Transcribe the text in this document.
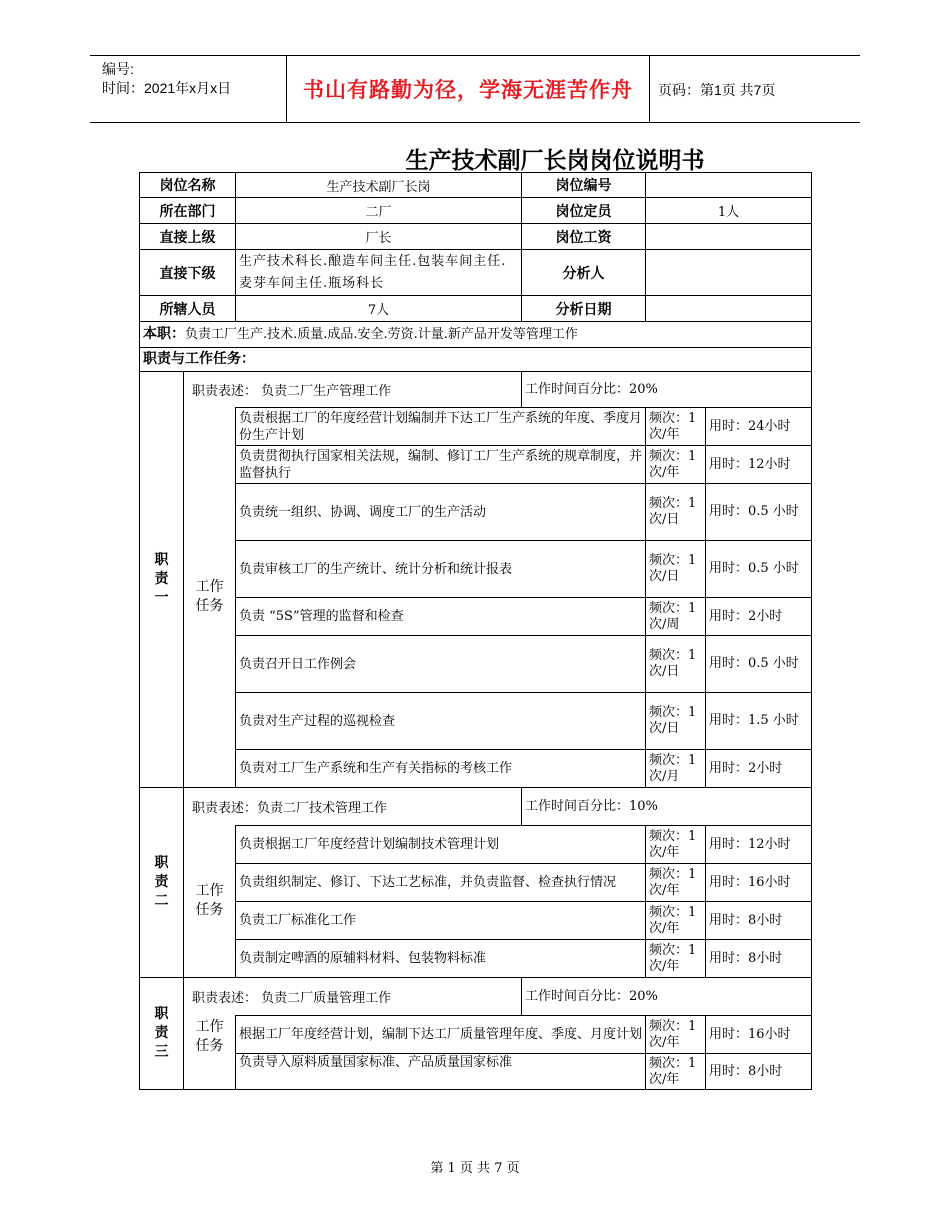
编号:
时间：2021年x月x日	书山有路勤为径，学海无涯苦作舟	页码：第1页 共7页
生产技术副厂长岗岗位说明书
岗位名称		生产技术副厂长岗	岗位编号		
所在部门		二厂	岗位定员	1人	
直接上级		厂长	岗位工资		
直接下级		生产技术科长.酿造车间主任.包装车间主任.麦芽车间主任.瓶场科长	分析人		
所辖人员		7人	分析日期		
本职：负责工厂生产.技术.质量.成品.安全.劳资.计量.新产品开发等管理工作					
职责与工作任务：					
职
责
一	职责表述： 负责二厂生产管理工作		工作时间百分比：20%		
	工作
任务	负责根据工厂的年度经营计划编制并下达工厂生产系统的年度、季度月份生产计划		频次：1次/年	用时：24小时
		负责贯彻执行国家相关法规，编制、修订工厂生产系统的规章制度，并监督执行		频次：1次/年	用时：12小时
		负责统一组织、协调、调度工厂的生产活动		频次：1次/日	用时：0.5 小时
		负责审核工厂的生产统计、统计分析和统计报表		频次：1次/日	用时：0.5 小时
		负责 “5S”管理的监督和检查		频次：1次/周	用时：2小时
		负责召开日工作例会		频次：1次/日	用时：0.5 小时
		负责对生产过程的巡视检查		频次：1次/日	用时：1.5 小时
		负责对工厂生产系统和生产有关指标的考核工作		频次：1次/月	用时：2小时
职
责
二	职责表述：负责二厂技术管理工作		工作时间百分比：10%		
	工作
任务	负责根据工厂年度经营计划编制技术管理计划		频次：1次/年	用时：12小时
		负责组织制定、修订、下达工艺标准，并负责监督、检查执行情况		频次：1次/年	用时：16小时
		负责工厂标准化工作		频次：1次/年	用时：8小时
		负责制定啤酒的原辅料材料、包装物料标准		频次：1次/年	用时：8小时
职
责
三	职责表述： 负责二厂质量管理工作		工作时间百分比：20%		
	工作
任务	根据工厂年度经营计划，编制下达工厂质量管理年度、季度、月度计划		频次：1次/年	用时：16小时
		负责导入原料质量国家标准、产品质量国家标准		频次：1次/年	用时：8小时
第 1 页 共 7 页
